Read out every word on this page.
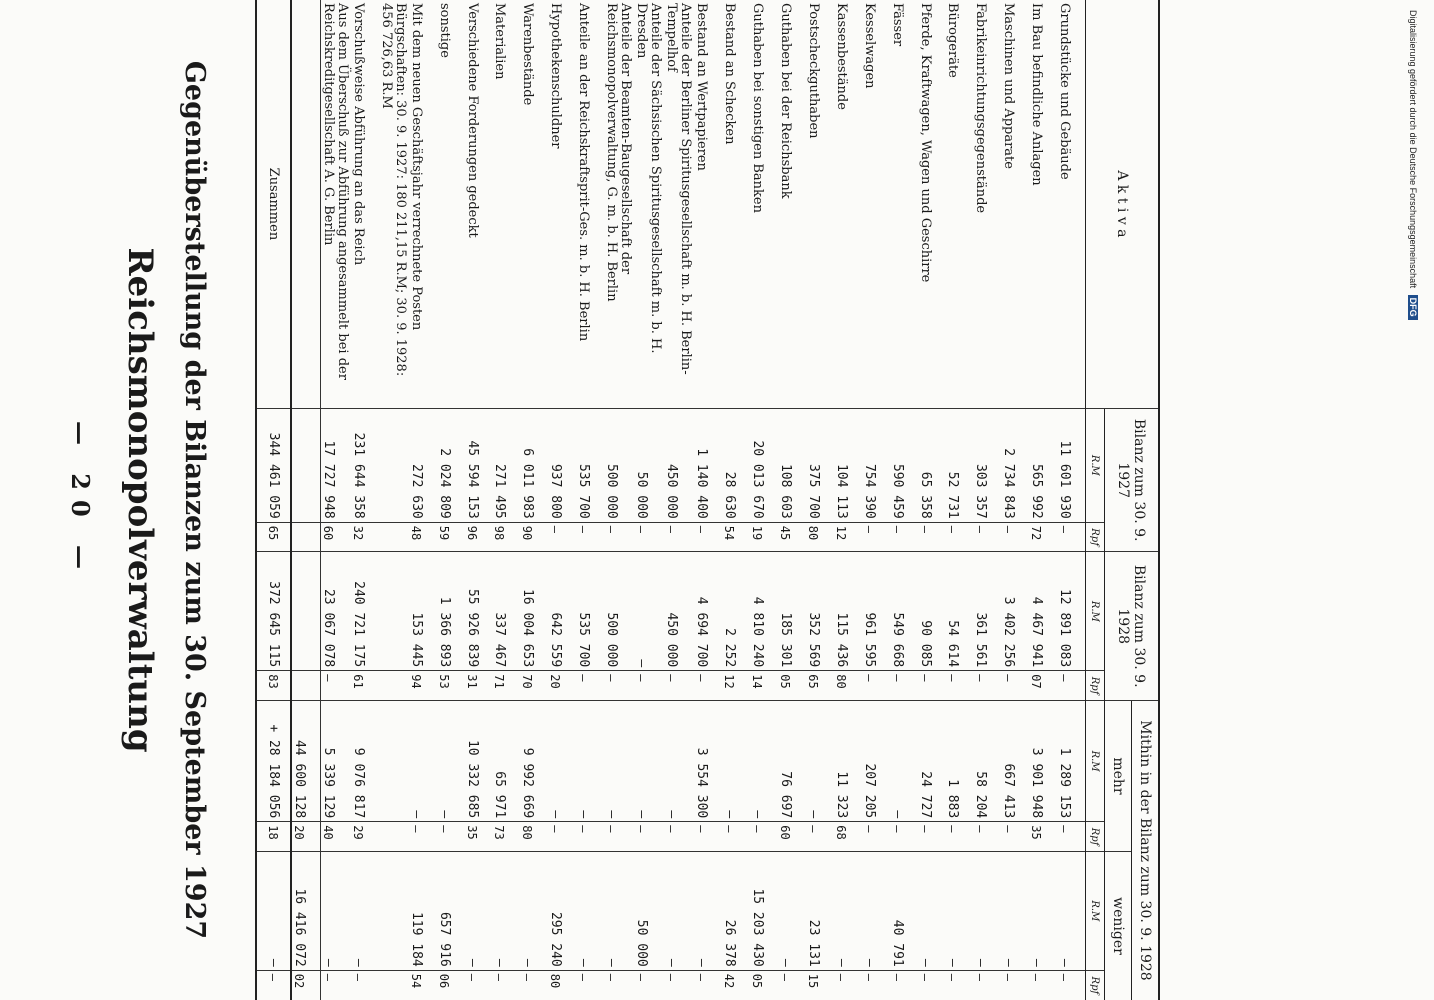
— 20 — Reichsmonopolverwaltung Gegenüberstellung der Bilanzen zum 30. September 1927	A k t i v a	Bilanz zum 30. 9. 1927		Bilanz zum 30. 9. 1928		Mithin in der Bilanz zum 30. 9. 1928			
					mehr		weniger	
	R.M	Rpf	R.M	Rpf	R.M	Rpf	R.M	Rpf
Grundstücke und Gebäude	11 601 930	—	12 891 083	—	1 289 153	—	—	—
Im Bau befindliche Anlagen	565 992	72	4 467 941	07	3 901 948	35	—	—
Maschinen und Apparate	2 734 843	—	3 402 256	—	667 413	—	—	—
Fabrikeinrichtungsgegenstände	303 357	—	361 561	—	58 204	—	—	—
Bürogeräte	52 731	—	54 614	—	1 883	—	—	—
Pferde, Kraftwagen, Wagen und Geschirre	65 358	—	90 085	—	24 727	—	—	—
Fässer	590 459	—	549 668	—	—	—	40 791	—
Kesselwagen	754 390	—	961 595	—	207 205	—	—	—
Kassenbestände	104 113	12	115 436	80	11 323	68	—	—
Postscheckguthaben	375 700	80	352 569	65	—	—	23 131	15
Guthaben bei der Reichsbank	108 603	45	185 301	05	76 697	60	—	—
Guthaben bei sonstigen Banken	20 013 670	19	4 810 240	14	—	—	15 203 430	05
Bestand an Schecken	28 630	54	2 252	12	—	—	26 378	42
Bestand an Wertpapieren	1 140 400	—	4 694 700	—	3 554 300	—	—	—
Anteile der Berliner Spiritusgesellschaft m. b. H. Berlin-Tempelhof	450 000	—	450 000	—	—	—	—	—
Anteile der Sächsischen Spiritusgesellschaft m. b. H. Dresden	50 000	—	—	—	—	—	50 000	—
Anteile der Beamten-Baugesellschaft der Reichsmonopolverwaltung, G. m. b. H. Berlin	500 000	—	500 000	—	—	—	—	—
Anteile an der Reichskraftsprit-Ges. m. b. H. Berlin	535 700	—	535 700	—	—	—	—	—
Hypothekenschuldner	937 800	—	642 559	20	—	—	295 240	80
Warenbestände	6 011 983	90	16 004 653	70	9 992 669	80	—	—
Materialien	271 495	98	337 467	71	65 971	73	—	—
Verschiedene Forderungen gedeckt	45 594 153	96	55 926 839	31	10 332 685	35	—	—
sonstige	2 024 809	59	1 366 893	53	—	—	657 916	06
Mit dem neuen Geschäftsjahr verrechnete Posten	272 630	48	153 445	94	—	—	119 184	54
Bürgschaften: 30. 9. 1927: 180 211,15 R.M; 30. 9. 1928: 456 726,63 R.M								
Vorschußweise Abführung an das Reich	231 644 358	32	240 721 175	61	9 076 817	29	—	—
Aus dem Überschuß zur Abführung angesammelt bei der Reichskreditgesellschaft A. G. Berlin	17 727 948	60	23 067 078	—	5 339 129	40	—	—
					44 600 128	20	16 416 072	02
Zusammen	344 461 059	65	372 645 115	83	+ 28 184 056	18	—	—
Digitalisierung gefördert durch die Deutsche Forschungsgemeinschaft DFG
